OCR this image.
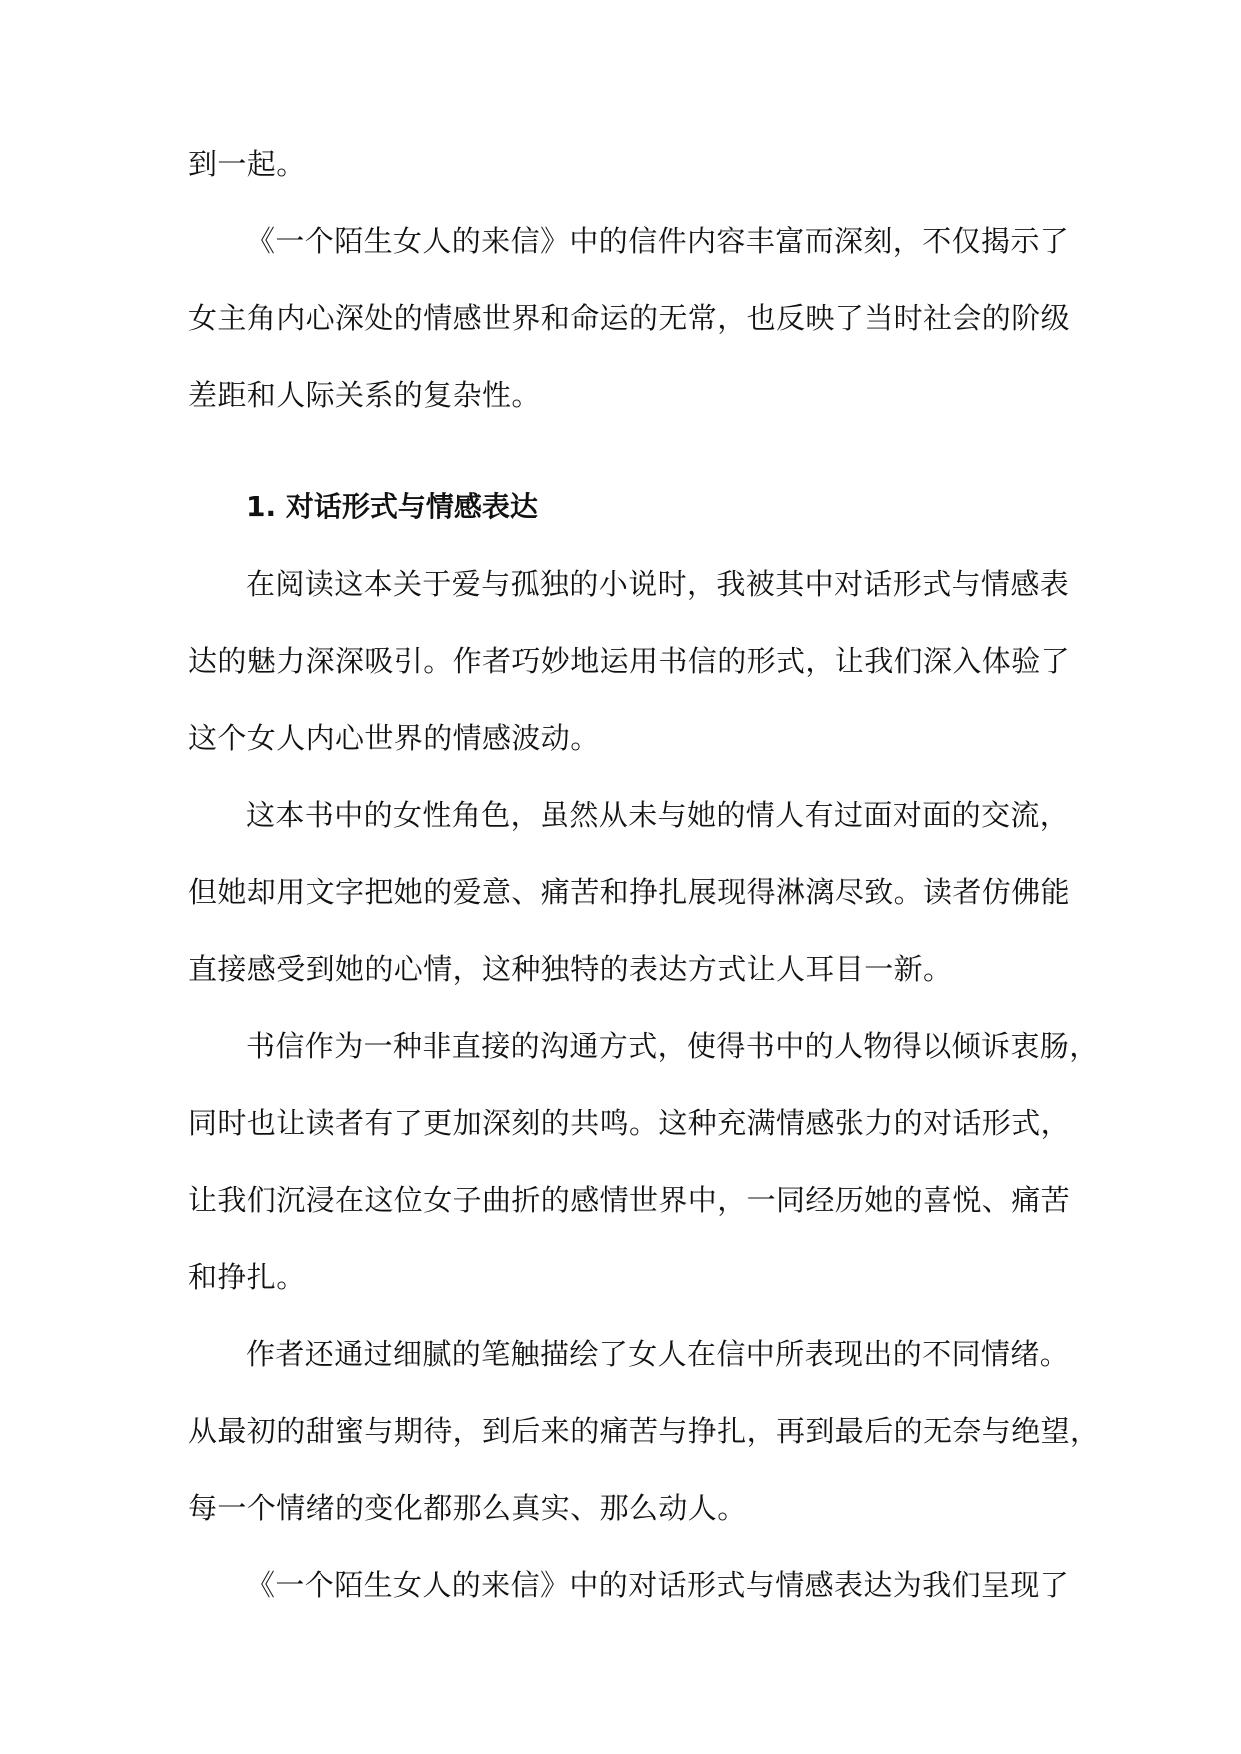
到一起。
《一个陌生女人的来信》中的信件内容丰富而深刻，不仅揭示了
女主角内心深处的情感世界和命运的无常，也反映了当时社会的阶级
差距和人际关系的复杂性。
1. 对话形式与情感表达
在阅读这本关于爱与孤独的小说时，我被其中对话形式与情感表
达的魅力深深吸引。作者巧妙地运用书信的形式，让我们深入体验了
这个女人内心世界的情感波动。
这本书中的女性角色，虽然从未与她的情人有过面对面的交流，
但她却用文字把她的爱意、痛苦和挣扎展现得淋漓尽致。读者仿佛能
直接感受到她的心情，这种独特的表达方式让人耳目一新。
书信作为一种非直接的沟通方式，使得书中的人物得以倾诉衷肠，
同时也让读者有了更加深刻的共鸣。这种充满情感张力的对话形式，
让我们沉浸在这位女子曲折的感情世界中，一同经历她的喜悦、痛苦
和挣扎。
作者还通过细腻的笔触描绘了女人在信中所表现出的不同情绪。
从最初的甜蜜与期待，到后来的痛苦与挣扎，再到最后的无奈与绝望，
每一个情绪的变化都那么真实、那么动人。
《一个陌生女人的来信》中的对话形式与情感表达为我们呈现了
